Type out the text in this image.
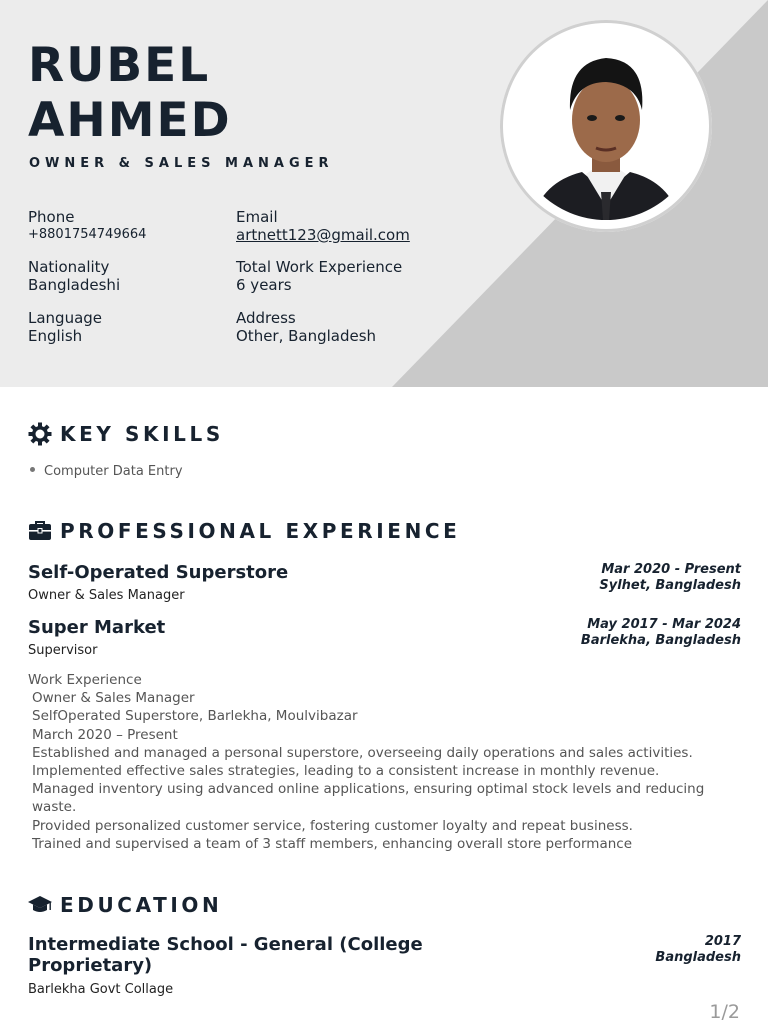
RUBEL
AHMED
OWNER & SALES MANAGER
Phone
+8801754749664
Email
artnett123@gmail.com
Nationality
Bangladeshi
Total Work Experience
6 years
Language
English
Address
Other, Bangladesh
KEY SKILLS
Computer Data Entry
PROFESSIONAL EXPERIENCE
Self-Operated Superstore
Owner & Sales Manager
Mar 2020 - Present
Sylhet, Bangladesh
Super Market
Supervisor
May 2017 - Mar 2024
Barlekha, Bangladesh
Work Experience
Owner & Sales Manager
SelfOperated Superstore, Barlekha, Moulvibazar
March 2020 – Present
Established and managed a personal superstore, overseeing daily operations and sales activities.
Implemented effective sales strategies, leading to a consistent increase in monthly revenue.
Managed inventory using advanced online applications, ensuring optimal stock levels and reducing waste.
Provided personalized customer service, fostering customer loyalty and repeat business.
Trained and supervised a team of 3 staff members, enhancing overall store performance
EDUCATION
Intermediate School - General (College Proprietary)
Barlekha Govt Collage
2017
Bangladesh
1/2
